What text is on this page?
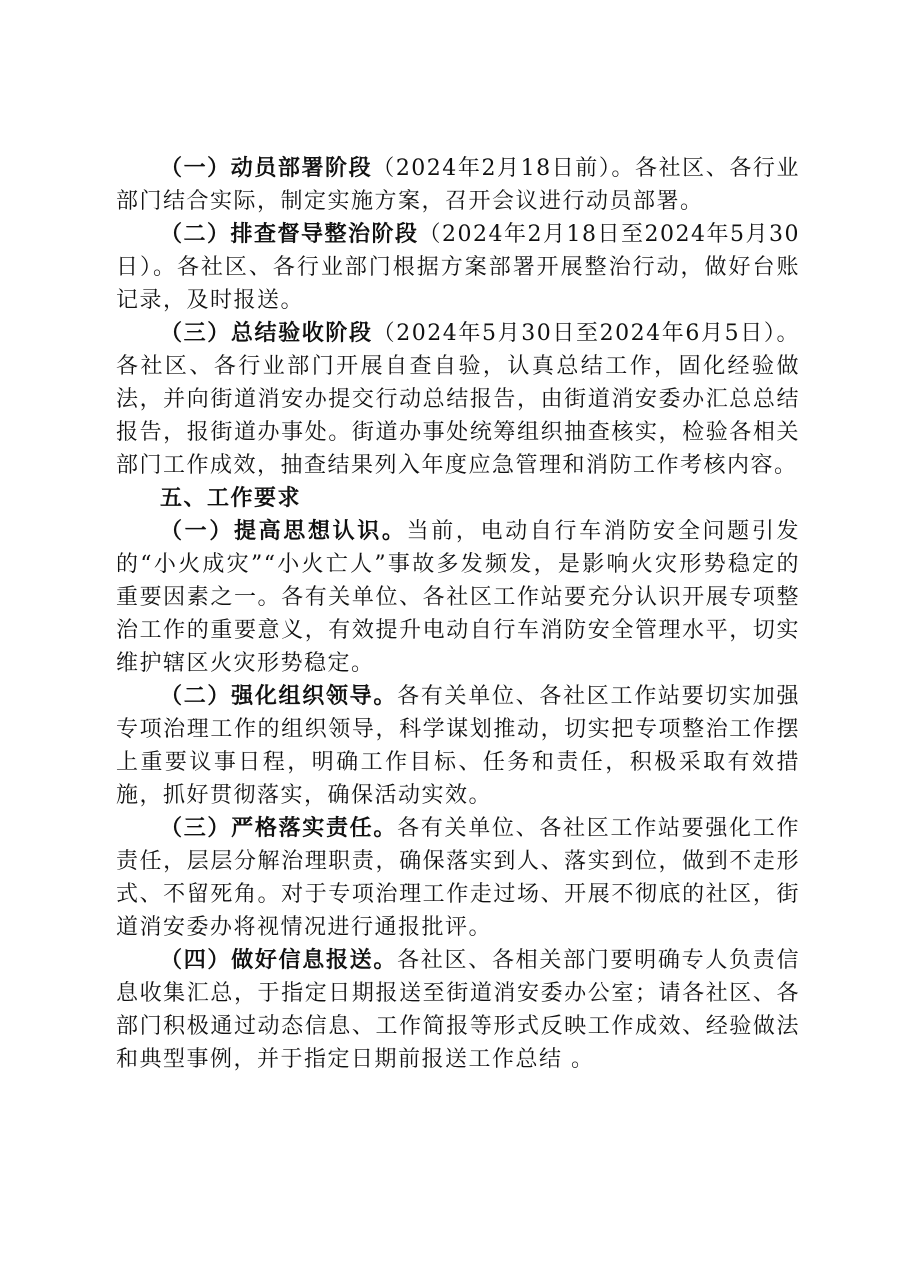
（一）动员部署阶段（2024年2月18日前）。各社区、各行业部门结合实际，制定实施方案，召开会议进行动员部署。

（二）排查督导整治阶段（2024年2月18日至2024年5月30日）。各社区、各行业部门根据方案部署开展整治行动，做好台账记录，及时报送。

（三）总结验收阶段（2024年5月30日至2024年6月5日）。各社区、各行业部门开展自查自验，认真总结工作，固化经验做法，并向街道消安办提交行动总结报告，由街道消安委办汇总总结报告，报街道办事处。街道办事处统筹组织抽查核实，检验各相关部门工作成效，抽查结果列入年度应急管理和消防工作考核内容。

五、工作要求

（一）提高思想认识。当前，电动自行车消防安全问题引发的“小火成灾”“小火亡人”事故多发频发，是影响火灾形势稳定的重要因素之一。各有关单位、各社区工作站要充分认识开展专项整治工作的重要意义，有效提升电动自行车消防安全管理水平，切实维护辖区火灾形势稳定。

（二）强化组织领导。各有关单位、各社区工作站要切实加强专项治理工作的组织领导，科学谋划推动，切实把专项整治工作摆上重要议事日程，明确工作目标、任务和责任，积极采取有效措施，抓好贯彻落实，确保活动实效。

（三）严格落实责任。各有关单位、各社区工作站要强化工作责任，层层分解治理职责，确保落实到人、落实到位，做到不走形式、不留死角。对于专项治理工作走过场、开展不彻底的社区，街道消安委办将视情况进行通报批评。

（四）做好信息报送。各社区、各相关部门要明确专人负责信息收集汇总，于指定日期报送至街道消安委办公室；请各社区、各部门积极通过动态信息、工作简报等形式反映工作成效、经验做法和典型事例，并于指定日期前报送工作总结 。
